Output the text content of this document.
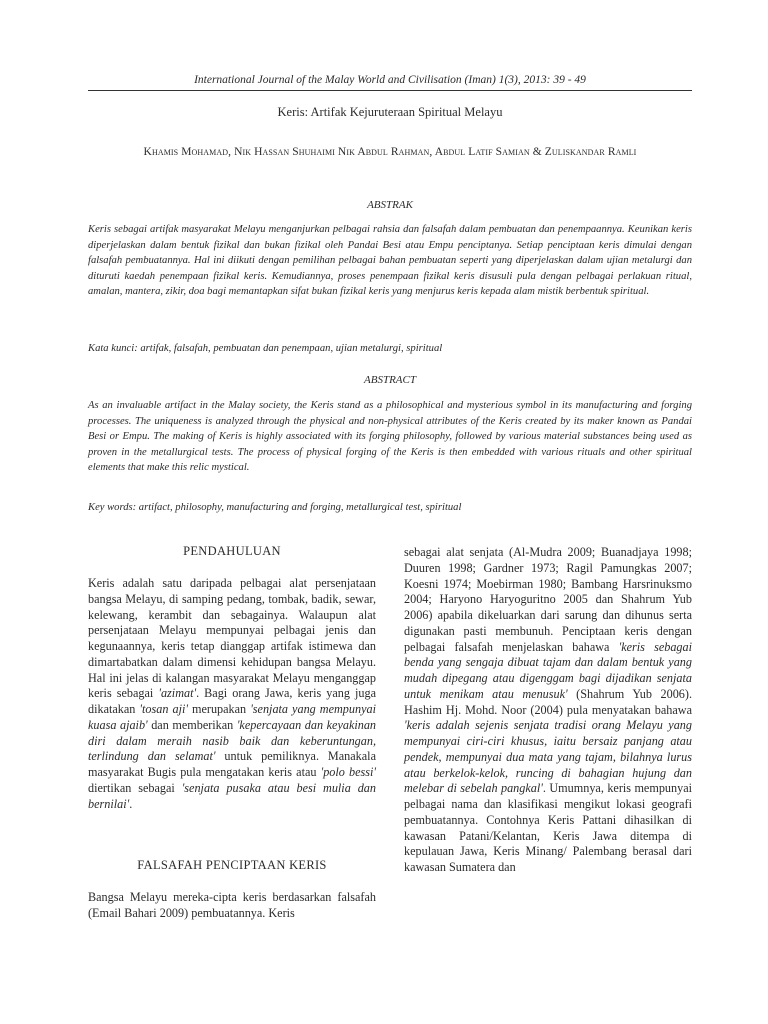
International Journal of the Malay World and Civilisation (Iman) 1(3), 2013: 39 - 49
Keris: Artifak Kejuruteraan Spiritual Melayu
Khamis Mohamad, Nik Hassan Shuhaimi Nik Abdul Rahman, Abdul Latif Samian & Zuliskandar Ramli
ABSTRAK

Keris sebagai artifak masyarakat Melayu menganjurkan pelbagai rahsia dan falsafah dalam pembuatan dan penempaannya. Keunikan keris diperjelaskan dalam bentuk fizikal dan bukan fizikal oleh Pandai Besi atau Empu penciptanya. Setiap penciptaan keris dimulai dengan falsafah pembuatannya. Hal ini diikuti dengan pemilihan pelbagai bahan pembuatan seperti yang diperjelaskan dalam ujian metalurgi dan dituruti kaedah penempaan fizikal keris. Kemudiannya, proses penempaan fizikal keris disusuli pula dengan pelbagai perlakuan ritual, amalan, mantera, zikir, doa bagi memantapkan sifat bukan fizikal keris yang menjurus keris kepada alam mistik berbentuk spiritual.

Kata kunci: artifak, falsafah, pembuatan dan penempaan, ujian metalurgi, spiritual

ABSTRACT

As an invaluable artifact in the Malay society, the Keris stand as a philosophical and mysterious symbol in its manufacturing and forging processes. The uniqueness is analyzed through the physical and non-physical attributes of the Keris created by its maker known as Pandai Besi or Empu. The making of Keris is highly associated with its forging philosophy, followed by various material substances being used as proven in the metallurgical tests. The process of physical forging of the Keris is then embedded with various rituals and other spiritual elements that make this relic mystical.

Key words: artifact, philosophy, manufacturing and forging, metallurgical test, spiritual

PENDAHULUAN

Keris adalah satu daripada pelbagai alat persenjataan bangsa Melayu, di samping pedang, tombak, badik, sewar, kelewang, kerambit dan sebagainya. Walaupun alat persenjataan Melayu mempunyai pelbagai jenis dan kegunaannya, keris tetap dianggap artifak istimewa dan dimartabatkan dalam dimensi kehidupan bangsa Melayu. Hal ini jelas di kalangan masyarakat Melayu menganggap keris sebagai 'azimat'. Bagi orang Jawa, keris yang juga dikatakan 'tosan aji' merupakan 'senjata yang mempunyai kuasa ajaib' dan memberikan 'kepercayaan dan keyakinan diri dalam meraih nasib baik dan keberuntungan, terlindung dan selamat' untuk pemiliknya. Manakala masyarakat Bugis pula mengatakan keris atau 'polo bessi' diertikan sebagai 'senjata pusaka atau besi mulia dan bernilai'.

FALSAFAH PENCIPTAAN KERIS

Bangsa Melayu mereka-cipta keris berdasarkan falsafah (Email Bahari 2009) pembuatannya. Keris

sebagai alat senjata (Al-Mudra 2009; Buanadjaya 1998; Duuren 1998; Gardner 1973; Ragil Pamungkas 2007; Koesni 1974; Moebirman 1980; Bambang Harsrinuksmo 2004; Haryono Haryoguritno 2005 dan Shahrum Yub 2006) apabila dikeluarkan dari sarung dan dihunus serta digunakan pasti membunuh. Penciptaan keris dengan pelbagai falsafah menjelaskan bahawa 'keris sebagai benda yang sengaja dibuat tajam dan dalam bentuk yang mudah dipegang atau digenggam bagi dijadikan senjata untuk menikam atau menusuk' (Shahrum Yub 2006). Hashim Hj. Mohd. Noor (2004) pula menyatakan bahawa 'keris adalah sejenis senjata tradisi orang Melayu yang mempunyai ciri-ciri khusus, iaitu bersaiz panjang atau pendek, mempunyai dua mata yang tajam, bilahnya lurus atau berkelok-kelok, runcing di bahagian hujung dan melebar di sebelah pangkal'. Umumnya, keris mempunyai pelbagai nama dan klasifikasi mengikut lokasi geografi pembuatannya. Contohnya Keris Pattani dihasilkan di kawasan Patani/Kelantan, Keris Jawa ditempa di kepulauan Jawa, Keris Minang/ Palembang berasal dari kawasan Sumatera dan
